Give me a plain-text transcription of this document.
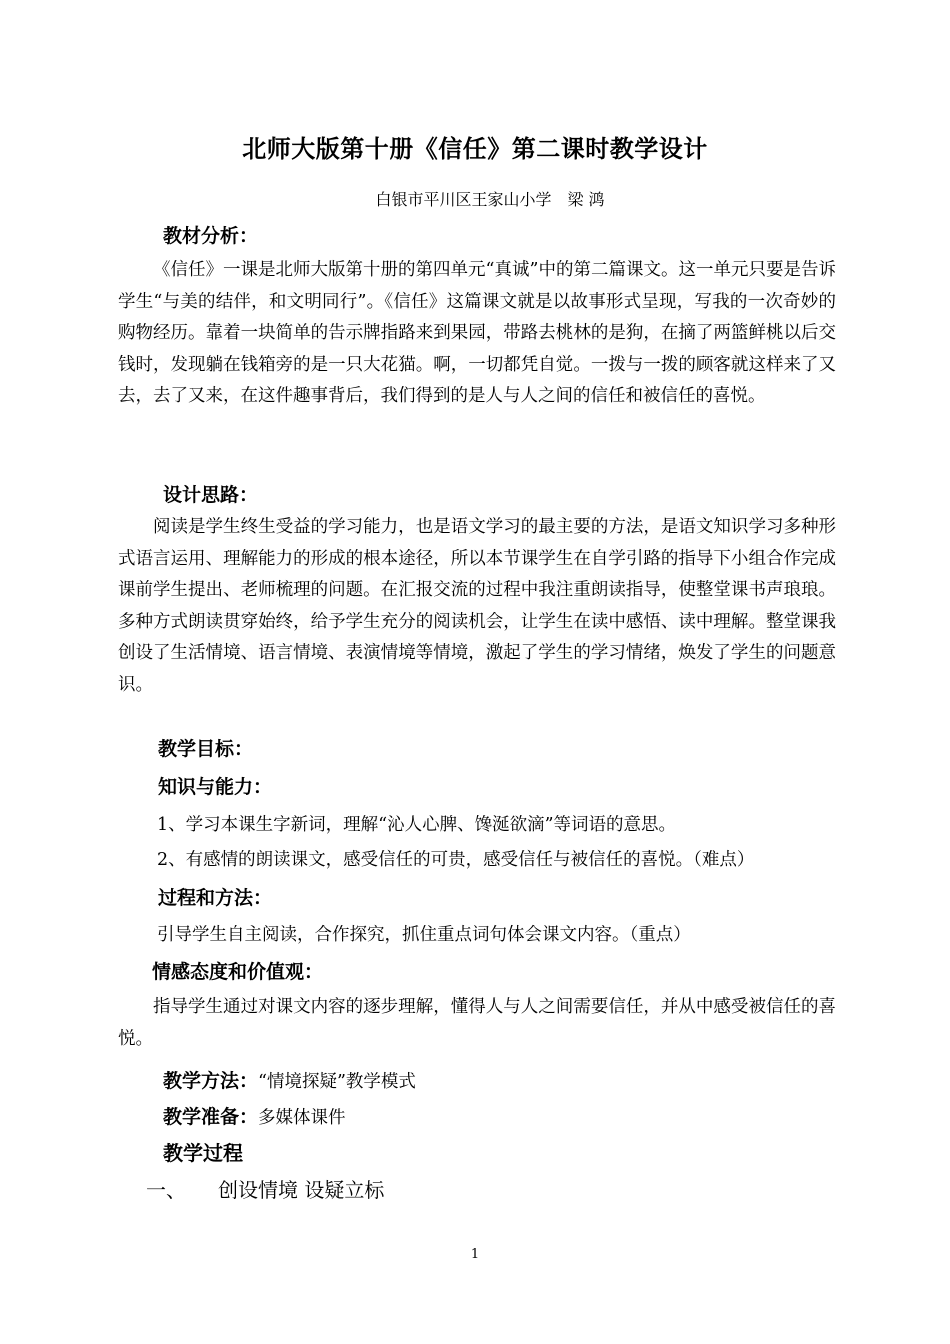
北师大版第十册《信任》第二课时教学设计
白银市平川区王家山小学　梁 鸿
教材分析：
《信任》一课是北师大版第十册的第四单元“真诚”中的第二篇课文。这一单元只要是告诉学生“与美的结伴，和文明同行”。《信任》这篇课文就是以故事形式呈现，写我的一次奇妙的购物经历。靠着一块简单的告示牌指路来到果园，带路去桃林的是狗，在摘了两篮鲜桃以后交钱时，发现躺在钱箱旁的是一只大花猫。啊，一切都凭自觉。一拨与一拨的顾客就这样来了又去，去了又来，在这件趣事背后，我们得到的是人与人之间的信任和被信任的喜悦。
设计思路：
阅读是学生终生受益的学习能力，也是语文学习的最主要的方法，是语文知识学习多种形式语言运用、理解能力的形成的根本途径，所以本节课学生在自学引路的指导下小组合作完成课前学生提出、老师梳理的问题。在汇报交流的过程中我注重朗读指导，使整堂课书声琅琅。多种方式朗读贯穿始终，给予学生充分的阅读机会，让学生在读中感悟、读中理解。整堂课我创设了生活情境、语言情境、表演情境等情境，激起了学生的学习情绪，焕发了学生的问题意识。
教学目标：
知识与能力：
1、学习本课生字新词，理解“沁人心脾、馋涎欲滴”等词语的意思。
2、有感情的朗读课文，感受信任的可贵，感受信任与被信任的喜悦。（难点）
过程和方法：
引导学生自主阅读，合作探究，抓住重点词句体会课文内容。（重点）
情感态度和价值观：
指导学生通过对课文内容的逐步理解，懂得人与人之间需要信任，并从中感受被信任的喜悦。
教学方法：“情境探疑”教学模式
教学准备：多媒体课件
教学过程
一、 创设情境 设疑立标
1
